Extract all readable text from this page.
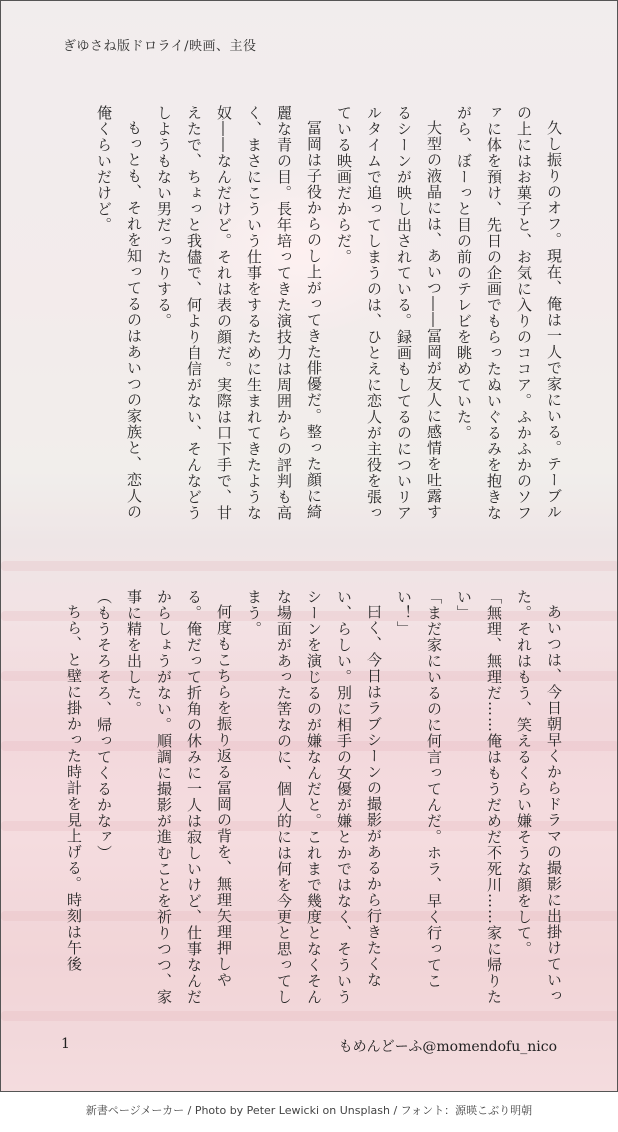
ぎゆさね版ドロライ/映画、主役

久し振りのオフ。現在、俺は一人で家にいる。テーブルの上にはお菓子と、お気に入りのココア。ふかふかのソファに体を預け、先日の企画でもらったぬいぐるみを抱きながら、ぼーっと目の前のテレビを眺めていた。

大型の液晶には、あいつ――冨岡が友人に感情を吐露するシーンが映し出されている。録画もしてるのについリアルタイムで追ってしまうのは、ひとえに恋人が主役を張っている映画だからだ。

冨岡は子役からのし上がってきた俳優だ。整った顔に綺麗な青の目。長年培ってきた演技力は周囲からの評判も高く、まさにこういう仕事をするために生まれてきたような奴――なんだけど。それは表の顔だ。実際は口下手で、甘えたで、ちょっと我儘で、何より自信がない、そんなどうしようもない男だったりする。

もっとも、それを知ってるのはあいつの家族と、恋人の俺くらいだけど。

あいつは、今日朝早くからドラマの撮影に出掛けていった。それはもう、笑えるくらい嫌そうな顔をして。

「無理、無理だ……俺はもうだめだ不死川……家に帰りたい」

「まだ家にいるのに何言ってんだ。ホラ、早く行ってこい！」

曰く、今日はラブシーンの撮影があるから行きたくない、らしい。別に相手の女優が嫌とかではなく、そういうシーンを演じるのが嫌なんだと。これまで幾度となくそんな場面があった筈なのに、個人的には何を今更と思ってしまう。

何度もこちらを振り返る冨岡の背を、無理矢理押しやる。俺だって折角の休みに一人は寂しいけど、仕事なんだからしょうがない。順調に撮影が進むことを祈りつつ、家事に精を出した。

（もうそろそろ、帰ってくるかなァ）

ちら、と壁に掛かった時計を見上げる。時刻は午後

1	もめんどーふ@momendofu_nico
新書ページメーカー / Photo by Peter Lewicki on Unsplash / フォント：源暎こぶり明朝
